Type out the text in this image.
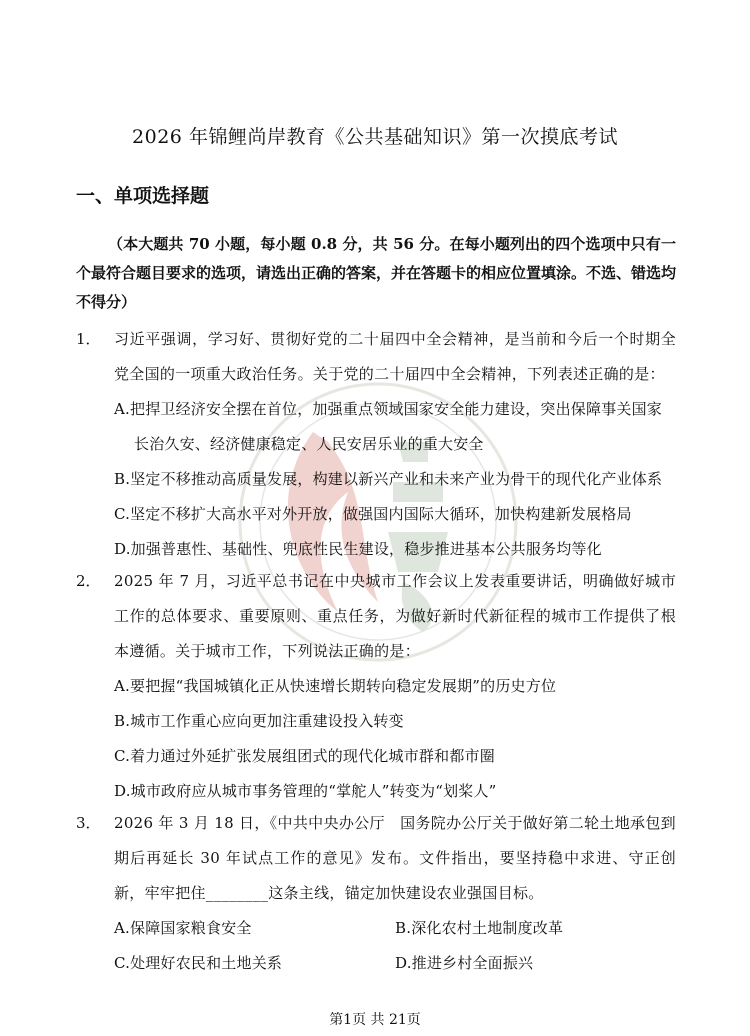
2026 年锦鲤尚岸教育《公共基础知识》第一次摸底考试
一、单项选择题
（本大题共 70 小题，每小题 0.8 分，共 56 分。在每小题列出的四个选项中只有一个最符合题目要求的选项，请选出正确的答案，并在答题卡的相应位置填涂。不选、错选均不得分）
1． 习近平强调，学习好、贯彻好党的二十届四中全会精神，是当前和今后一个时期全党全国的一项重大政治任务。关于党的二十届四中全会精神，下列表述正确的是：
A.把捍卫经济安全摆在首位，加强重点领域国家安全能力建设，突出保障事关国家长治久安、经济健康稳定、人民安居乐业的重大安全
B.坚定不移推动高质量发展，构建以新兴产业和未来产业为骨干的现代化产业体系
C.坚定不移扩大高水平对外开放，做强国内国际大循环，加快构建新发展格局
D.加强普惠性、基础性、兜底性民生建设，稳步推进基本公共服务均等化
2． 2025 年 7 月，习近平总书记在中央城市工作会议上发表重要讲话，明确做好城市工作的总体要求、重要原则、重点任务，为做好新时代新征程的城市工作提供了根本遵循。关于城市工作，下列说法正确的是：
A.要把握“我国城镇化正从快速增长期转向稳定发展期”的历史方位
B.城市工作重心应向更加注重建设投入转变
C.着力通过外延扩张发展组团式的现代化城市群和都市圈
D.城市政府应从城市事务管理的“掌舵人”转变为“划桨人”
3． 2026 年 3 月 18 日，《中共中央办公厅　国务院办公厅关于做好第二轮土地承包到期后再延长 30 年试点工作的意见》发布。文件指出，要坚持稳中求进、守正创新，牢牢把住________这条主线，锚定加快建设农业强国目标。
A.保障国家粮食安全	B.深化农村土地制度改革
C.处理好农民和土地关系	D.推进乡村全面振兴
第1页 共 21页
